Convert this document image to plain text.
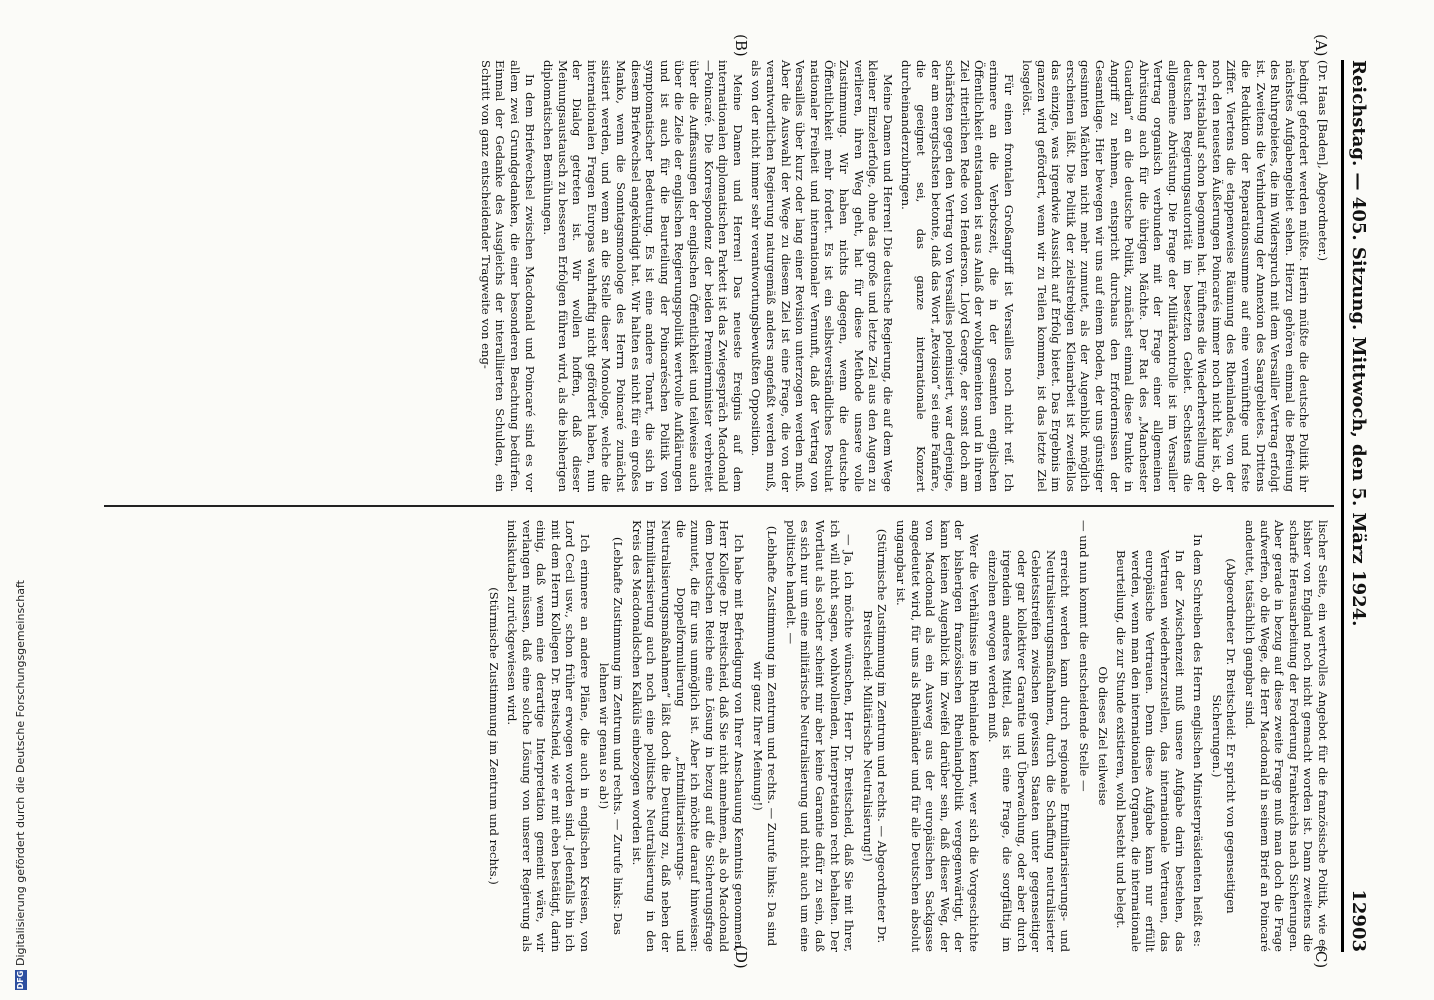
Reichstag. — 405. Sitzung. Mittwoch, den 5. März 1924.
12903
(A)
(B)
(C)
(D)

(Dr. Haas [Baden], Abgeordneter.)

bedingt gefordert werden müßte. Hierin müßte die deutsche Politik ihr nächstes Aufgabengebiet sehen. Hierzu gehören einmal die Befreiung des Ruhrgebietes, die im Widerspruch mit dem Versailler Vertrag erfolgt ist. Zweitens die Verhinderung der Annexion des Saargebietes. Drittens die Reduktion der Reparationssumme auf eine vernünftige und feste Ziffer. Viertens die etappenweise Räumung des Rheinlandes, von der noch den neuesten Äußerungen Poincarés immer noch nicht klar ist, ob der Fristablauf schon begonnen hat. Fünftens die Wiederherstellung der deutschen Regierungsautorität im besetzten Gebiet. Sechstens die allgemeine Abrüstung. Die Frage der Militärkontrolle ist im Versailler Vertrag organisch verbunden mit der Frage einer allgemeinen Abrüstung auch für die übrigen Mächte. Der Rat des „Manchester Guardian“ an die deutsche Politik, zunächst einmal diese Punkte in Angriff zu nehmen, entspricht durchaus den Erfordernissen der Gesamtlage. Hier bewegen wir uns auf einem Boden, der uns günstiger gesinnten Mächten nicht mehr zumutet, als der Augenblick möglich erscheinen läßt. Die Politik der zielstrebigen Kleinarbeit ist zweifellos das einzige, was irgendwie Aussicht auf Erfolg bietet. Das Ergebnis im ganzen wird gefördert, wenn wir zu Teilen kommen, ist das letzte Ziel losgelöst.

Für einen frontalen Großangriff ist Versailles noch nicht reif. Ich erinnere an die Verbotszeit, die in der gesamten englischen Öffentlichkeit entstanden ist aus Anlaß der wohlgemeinten und in ihrem Ziel ritterlichen Rede von Henderson. Lloyd George, der sonst doch am schärfsten gegen den Vertrag von Versailles polemisiert, war derjenige, der am energischsten betonte, daß das Wort „Revision“ sei eine Fanfare, die geeignet sei, das ganze internationale Konzert durcheinanderzubringen.

Meine Damen und Herren! Die deutsche Regierung, die auf dem Wege kleiner Einzelerfolge, ohne das große und letzte Ziel aus den Augen zu verlieren, ihren Weg geht, hat für diese Methode unsere volle Zustimmung. Wir haben nichts dagegen, wenn die deutsche Öffentlichkeit mehr fordert. Es ist ein selbstverständliches Postulat nationaler Freiheit und internationaler Vernunft, daß der Vertrag von Versailles über kurz oder lang einer Revision unterzogen werden muß. Aber die Auswahl der Wege zu diesem Ziel ist eine Frage, die von der verantwortlichen Regierung naturgemäß anders angefaßt werden muß, als von der nicht immer sehr verantwortungsbewußten Opposition.

Meine Damen und Herren! Das neueste Ereignis auf dem internationalen diplomatischen Parkett ist das Zwiegespräch Macdonald—Poincaré. Die Korrespondenz der beiden Premierminister verbreitet über die Auffassungen der englischen Öffentlichkeit und teilweise auch über die Ziele der englischen Regierungspolitik wertvolle Aufklärungen und ist auch für die Beurteilung der Poincaréschen Politik von symptomatischer Bedeutung. Es ist eine andere Tonart, die sich in diesem Briefwechsel angekündigt hat. Wir halten es nicht für ein großes Manko, wenn die Sonntagsmonologe des Herrn Poincaré zunächst sistiert werden, und wenn an die Stelle dieser Monologe, welche die internationalen Fragen Europas wahrhaftig nicht gefördert haben, nun der Dialog getreten ist. Wir wollen hoffen, daß dieser Meinungsaustausch zu besseren Erfolgen führen wird, als die bisherigen diplomatischen Bemühungen.

In dem Briefwechsel zwischen Macdonald und Poincaré sind es vor allem zwei Grundgedanken, die einer besonderen Beachtung bedürfen. Einmal der Gedanke des Ausgleichs der interalliierten Schulden, ein Schritt von ganz entscheidender Tragweite von eng-

lischer Seite, ein wertvolles Angebot für die französische Politik, wie es bisher von England noch nicht gemacht worden ist. Dann zweitens die scharfe Herausarbeitung der Forderung Frankreichs nach Sicherungen. Aber gerade in bezug auf diese zweite Frage muß man doch die Frage aufwerfen, ob die Wege, die Herr Macdonald in seinem Brief an Poincaré andeutet, tatsächlich gangbar sind.

(Abgeordneter Dr. Breitscheid: Er spricht von gegenseitigen Sicherungen.)

In dem Schreiben des Herrn englischen Ministerpräsidenten heißt es:

In der Zwischenzeit muß unsere Aufgabe darin bestehen, das Vertrauen wiederherzustellen, das internationale Vertrauen, das europäische Vertrauen. Denn diese Aufgabe kann nur erfüllt werden, wenn man den internationalen Organen, die internationale Beurteilung, die zur Stunde existieren, wohl besteht und belegt.

Ob dieses Ziel teilweise

— und nun kommt die entscheidende Stelle —

erreicht werden kann durch regionale Entmilitarisierungs- und Neutralisierungsmaßnahmen, durch die Schaffung neutralisierter Gebietsstreifen zwischen gewissen Staaten unter gegenseitiger oder gar kollektiver Garantie und Überwachung, oder aber durch irgendein anderes Mittel, das ist eine Frage, die sorgfältig im einzelnen erwogen werden muß.

Wer die Verhältnisse im Rheinlande kennt, wer sich die Vorgeschichte der bisherigen französischen Rheinlandpolitik vergegenwärtigt, der kann keinen Augenblick im Zweifel darüber sein, daß dieser Weg, der von Macdonald als ein Ausweg aus der europäischen Sackgasse angedeutet wird, für uns als Rheinländer und für alle Deutschen absolut ungangbar ist.

(Stürmische Zustimmung im Zentrum und rechts. — Abgeordneter Dr. Breitscheid: Militärische Neutralisierung!)

— Ja, ich möchte wünschen, Herr Dr. Breitscheid, daß Sie mit Ihrer, ich will nicht sagen, wohlwollenden, Interpretation recht behalten. Der Wortlaut als solcher scheint mir aber keine Garantie dafür zu sein, daß es sich nur um eine militärische Neutralisierung und nicht auch um eine politische handelt. —

(Lebhafte Zustimmung im Zentrum und rechts. — Zurufe links: Da sind wir ganz Ihrer Meinung!)

Ich habe mit Befriedigung von Ihrer Anschauung Kenntnis genommen, Herr Kollege Dr. Breitscheid, daß Sie nicht annehmen, als ob Macdonald dem Deutschen Reiche eine Lösung in bezug auf die Sicherungsfrage zumutet, die für uns unmöglich ist. Aber ich möchte darauf hinweisen: die Doppelformulierung „Entmilitarisierungs- und Neutralisierungsmaßnahmen“ läßt doch die Deutung zu, daß neben der Entmilitarisierung auch noch eine politische Neutralisierung in den Kreis des Macdonaldschen Kalküls einbezogen worden ist.

(Lebhafte Zustimmung im Zentrum und rechts. — Zurufe links: Das lehnen wir genau so ab!)

Ich erinnere an andere Pläne, die auch in englischen Kreisen, von Lord Cecil usw., schon früher erwogen worden sind. Jedenfalls bin ich mit dem Herrn Kollegen Dr. Breitscheid, wie er mit eben bestätigt, darin einig, daß wenn eine derartige Interpretation gemeint wäre, wir verlangen müssen, daß eine solche Lösung von unserer Regierung als indiskutabel zurückgewiesen wird.

(Stürmische Zustimmung im Zentrum und rechts.)

DFGDigitalisierung gefördert durch die Deutsche Forschungsgemeinschaft
